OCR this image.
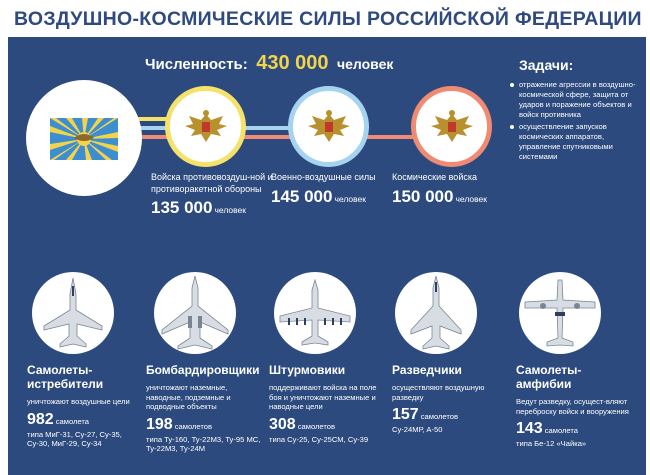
ВОЗДУШНО-КОСМИЧЕСКИЕ СИЛЫ РОССИЙСКОЙ ФЕДЕРАЦИИ
Численность: 430 000 человек	Задачи:
отражение агрессии в воздушно-космической сфере, защита от ударов и поражение объектов и войск противника
осуществление запусков космических аппаратов, управление спутниковыми системами
Войска противовоздуш-ной и противоракетной обороны
135 000 человек
Военно-воздушные силы
145 000 человек
Космические войска
150 000 человек
Самолеты-истребители
уничтожают воздушные цели
982 самолета
типа МиГ-31, Су-27, Су-35, Су-30, МиГ-29, Су-34
Бомбардировщики
уничтожают наземные, наводные, подземные и подводные объекты
198 самолетов
типа Ту-160, Ту-22М3, Ту-95 МС, Ту-22М3, Ту-24М
Штурмовики
поддерживают войска на поле боя и уничтожают наземные и наводные цели
308 самолетов
типа Су-25, Су-25СМ, Су-39
Разведчики
осуществляют воздушную разведку
157 самолетов
Су-24МР, А-50
Самолеты-амфибии
Ведут разведку, осущест-вляют переброску войск и вооружения
143 самолета
типа Бе-12 «Чайка»
